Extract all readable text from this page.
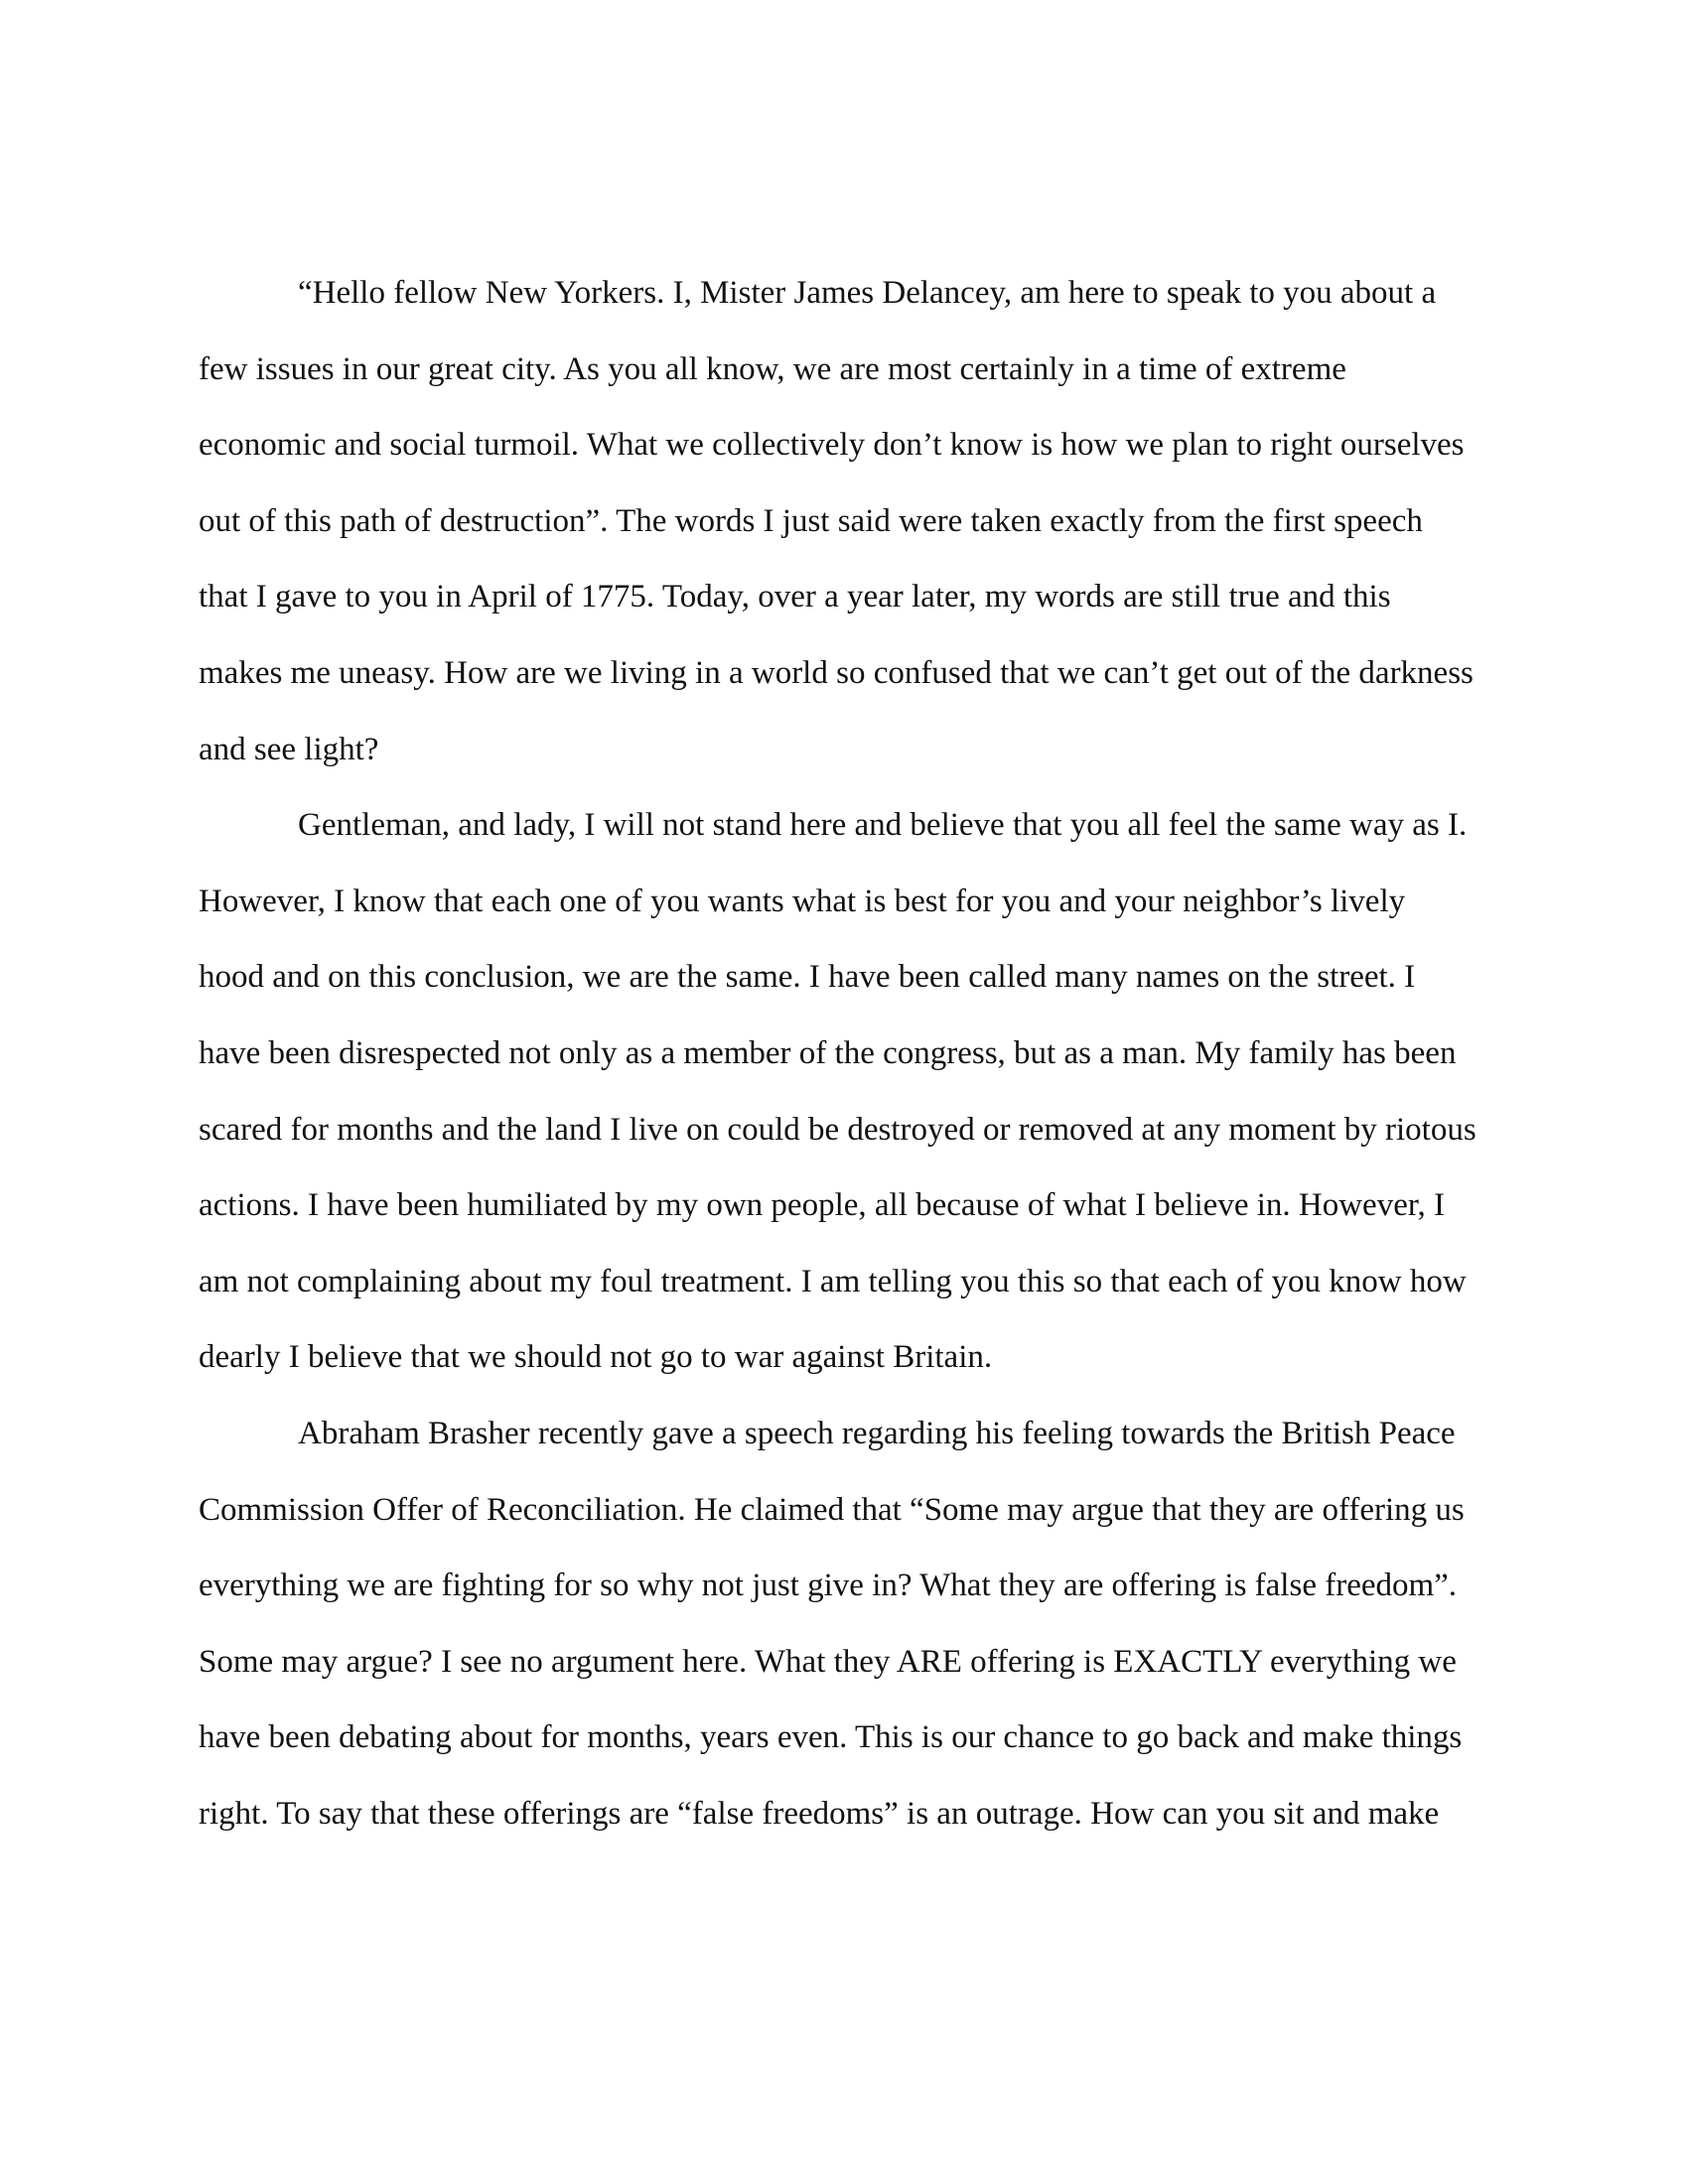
“Hello fellow New Yorkers. I, Mister James Delancey, am here to speak to you about a
few issues in our great city. As you all know, we are most certainly in a time of extreme
economic and social turmoil. What we collectively don’t know is how we plan to right ourselves
out of this path of destruction”. The words I just said were taken exactly from the first speech
that I gave to you in April of 1775. Today, over a year later, my words are still true and this
makes me uneasy. How are we living in a world so confused that we can’t get out of the darkness
and see light?
Gentleman, and lady, I will not stand here and believe that you all feel the same way as I.
However, I know that each one of you wants what is best for you and your neighbor’s lively
hood and on this conclusion, we are the same. I have been called many names on the street. I
have been disrespected not only as a member of the congress, but as a man. My family has been
scared for months and the land I live on could be destroyed or removed at any moment by riotous
actions. I have been humiliated by my own people, all because of what I believe in. However, I
am not complaining about my foul treatment. I am telling you this so that each of you know how
dearly I believe that we should not go to war against Britain.
Abraham Brasher recently gave a speech regarding his feeling towards the British Peace
Commission Offer of Reconciliation. He claimed that “Some may argue that they are offering us
everything we are fighting for so why not just give in? What they are offering is false freedom”.
Some may argue? I see no argument here. What they ARE offering is EXACTLY everything we
have been debating about for months, years even. This is our chance to go back and make things
right. To say that these offerings are “false freedoms” is an outrage. How can you sit and make
